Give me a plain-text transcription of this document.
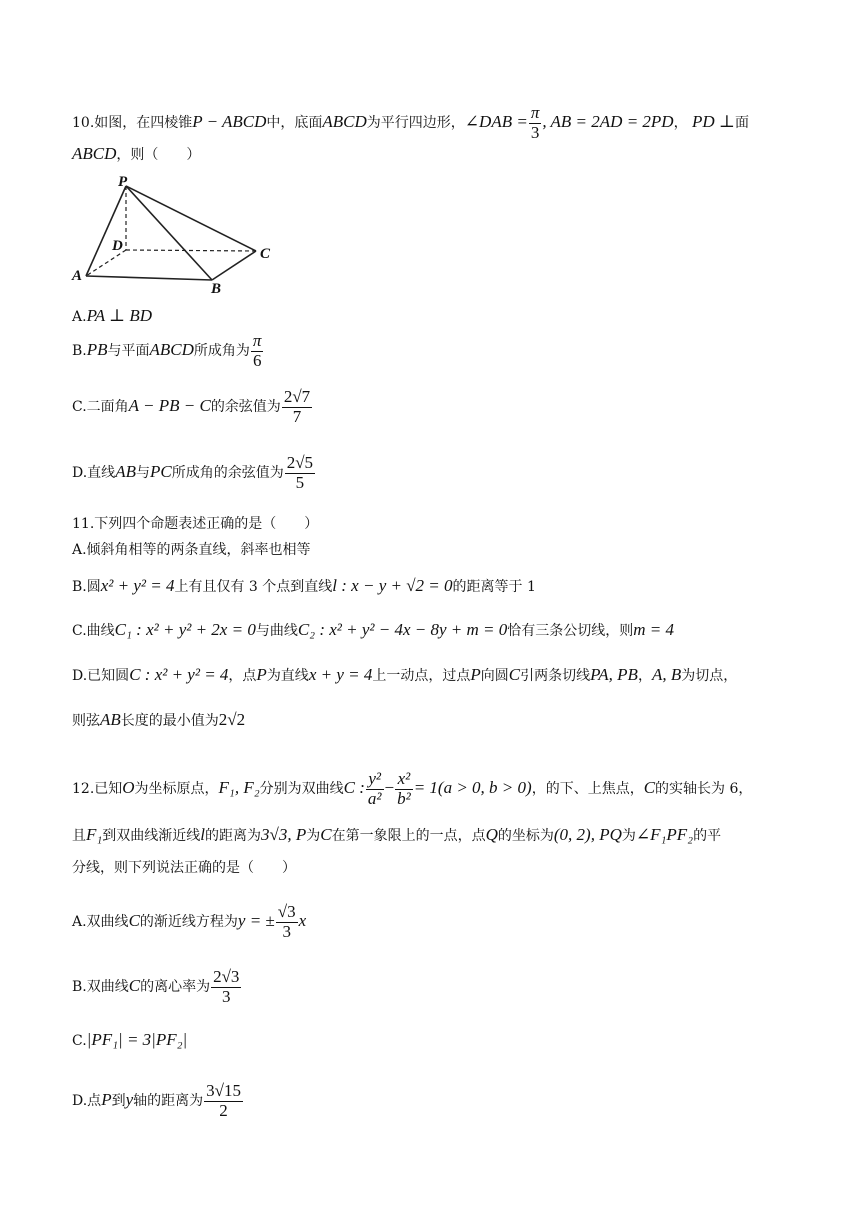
10.如图，在四棱锥P − ABCD中，底面ABCD为平行四边形，∠DAB = $\frac{\pi}{3}$ , AB = 2AD = 2PD， PD ⊥面
ABCD，则（　　）
P
D	C
A
B
A.PA ⊥ BD
B.PB与平面ABCD所成角为 $\frac{\pi}{6}$
C.二面角A − PB − C的余弦值为 $\frac{2√7}{7}$
D.直线AB与PC所成角的余弦值为 $\frac{2√5}{5}$
11.下列四个命题表述正确的是（　　）
A.倾斜角相等的两条直线，斜率也相等
B.圆x² + y² = 4上有且仅有 3 个点到直线l : x − y + √2 = 0的距离等于 1
C.曲线C₁ : x² + y² + 2x = 0与曲线C₂ : x² + y² − 4x − 8y + m = 0恰有三条公切线，则m = 4
D.已知圆C : x² + y² = 4，点P为直线x + y = 4上一动点，过点P向圆C引两条切线PA, PB，A, B为切点，
则弦AB长度的最小值为2√2
12.已知O为坐标原点，F₁, F₂分别为双曲线C : $\frac{\text{y²}}{\text{a²}} - \frac{\text{x²}}{\text{b²}} = 1(a > 0$, b > 0)，的下、上焦点，C的实轴长为 6，
且F₁到双曲线渐近线l的距离为3√3, P为C在第一象限上的一点，点Q的坐标为(0, 2), PQ为∠F₁PF₂的平
分线，则下列说法正确的是（　　）
A.双曲线C的渐近线方程为y = ± $\frac{√3}{3}$ x
B.双曲线C的离心率为 $\frac{2√3}{3}$
C.|PF₁| = 3|PF₂|
D.点P到y轴的距离为 $\frac{3√15}{2}$
